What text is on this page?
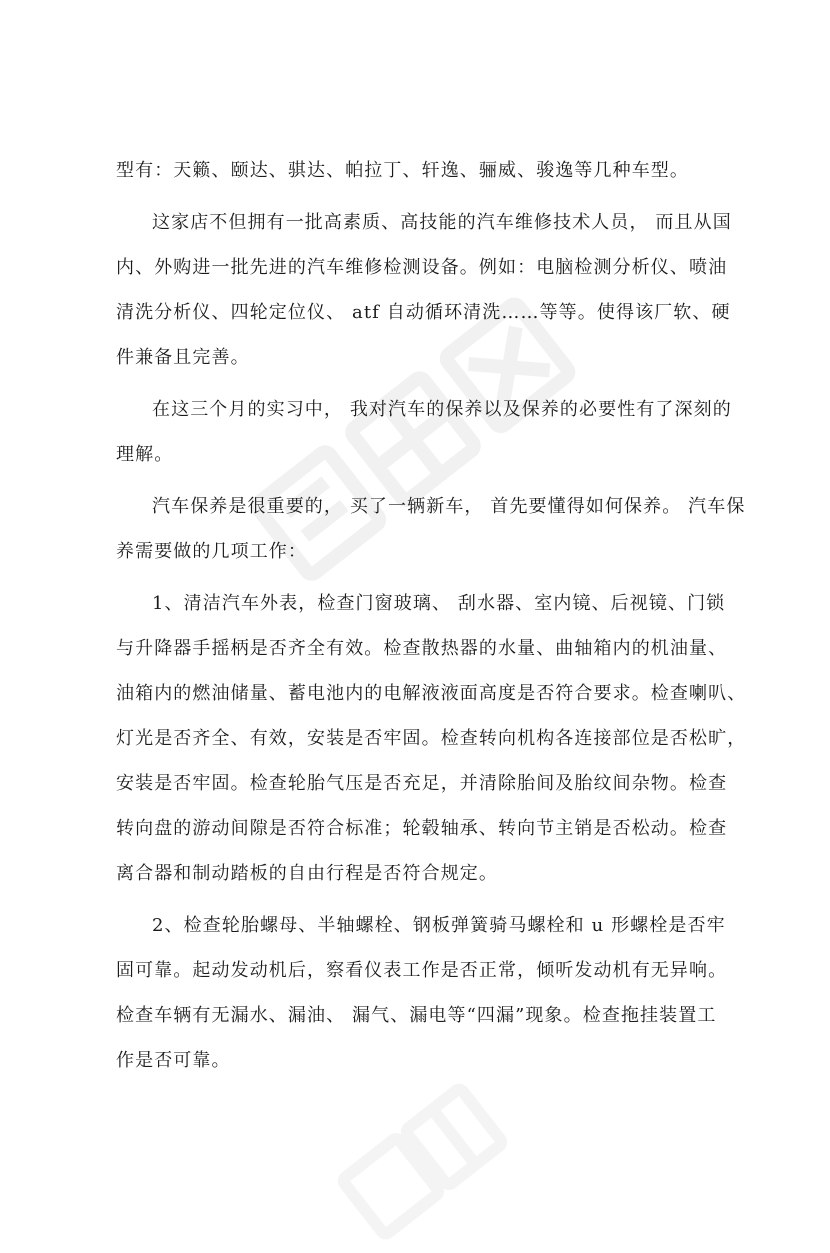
型有：天籁、颐达、骐达、帕拉丁、轩逸、骊威、骏逸等几种车型。
这家店不但拥有一批高素质、高技能的汽车维修技术人员， 而且从国
内、外购进一批先进的汽车维修检测设备。例如：电脑检测分析仪、喷油
清洗分析仪、四轮定位仪、 atf 自动循环清洗……等等。使得该厂软、硬
件兼备且完善。
在这三个月的实习中， 我对汽车的保养以及保养的必要性有了深刻的
理解。
汽车保养是很重要的， 买了一辆新车， 首先要懂得如何保养。 汽车保
养需要做的几项工作：
1、清洁汽车外表，检查门窗玻璃、 刮水器、室内镜、后视镜、门锁
与升降器手摇柄是否齐全有效。检查散热器的水量、曲轴箱内的机油量、
油箱内的燃油储量、蓄电池内的电解液液面高度是否符合要求。检查喇叭、
灯光是否齐全、有效，安装是否牢固。检查转向机构各连接部位是否松旷，
安装是否牢固。检查轮胎气压是否充足，并清除胎间及胎纹间杂物。检查
转向盘的游动间隙是否符合标准；轮毂轴承、转向节主销是否松动。检查
离合器和制动踏板的自由行程是否符合规定。
2、检查轮胎螺母、半轴螺栓、钢板弹簧骑马螺栓和 u 形螺栓是否牢
固可靠。起动发动机后，察看仪表工作是否正常，倾听发动机有无异响。
检查车辆有无漏水、漏油、 漏气、漏电等“四漏”现象。检查拖挂装置工
作是否可靠。
